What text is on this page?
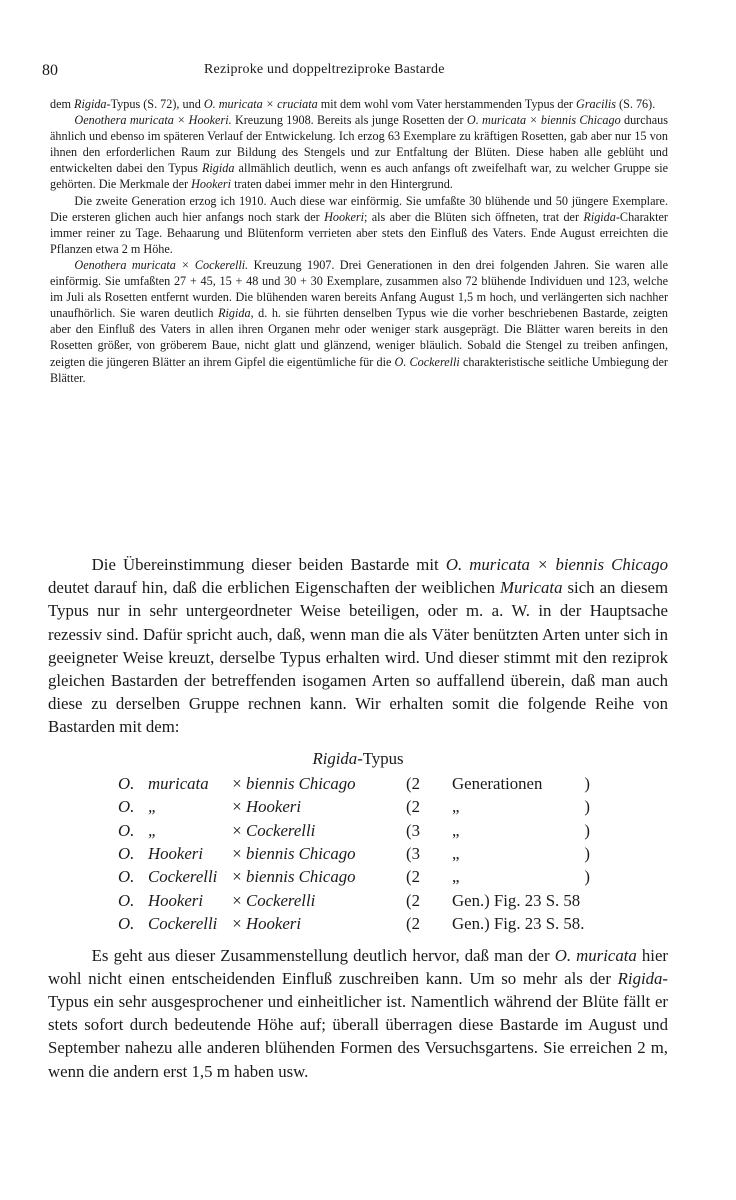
80	Reziproke und doppeltreziproke Bastarde

dem Rigida-Typus (S. 72), und O. muricata × cruciata mit dem wohl vom Vater herstammenden Typus der Gracilis (S. 76).

Oenothera muricata × Hookeri. Kreuzung 1908. Bereits als junge Rosetten der O. muricata × biennis Chicago durchaus ähnlich und ebenso im späteren Verlauf der Entwickelung. Ich erzog 63 Exemplare zu kräftigen Rosetten, gab aber nur 15 von ihnen den erforderlichen Raum zur Bildung des Stengels und zur Entfaltung der Blüten. Diese haben alle geblüht und entwickelten dabei den Typus Rigida allmählich deutlich, wenn es auch anfangs oft zweifelhaft war, zu welcher Gruppe sie gehörten. Die Merkmale der Hookeri traten dabei immer mehr in den Hintergrund.

Die zweite Generation erzog ich 1910. Auch diese war einförmig. Sie umfaßte 30 blühende und 50 jüngere Exemplare. Die ersteren glichen auch hier anfangs noch stark der Hookeri; als aber die Blüten sich öffneten, trat der Rigida-Charakter immer reiner zu Tage. Behaarung und Blütenform verrieten aber stets den Einfluß des Vaters. Ende August erreichten die Pflanzen etwa 2 m Höhe.

Oenothera muricata × Cockerelli. Kreuzung 1907. Drei Generationen in den drei folgenden Jahren. Sie waren alle einförmig. Sie umfaßten 27 + 45, 15 + 48 und 30 + 30 Exemplare, zusammen also 72 blühende Individuen und 123, welche im Juli als Rosetten entfernt wurden. Die blühenden waren bereits Anfang August 1,5 m hoch, und verlängerten sich nachher unaufhörlich. Sie waren deutlich Rigida, d. h. sie führten denselben Typus wie die vorher beschriebenen Bastarde, zeigten aber den Einfluß des Vaters in allen ihren Organen mehr oder weniger stark ausgeprägt. Die Blätter waren bereits in den Rosetten größer, von gröberem Baue, nicht glatt und glänzend, weniger bläulich. Sobald die Stengel zu treiben anfingen, zeigten die jüngeren Blätter an ihrem Gipfel die eigentümliche für die O. Cockerelli charakteristische seitliche Umbiegung der Blätter.

Die Übereinstimmung dieser beiden Bastarde mit O. muricata × biennis Chicago deutet darauf hin, daß die erblichen Eigenschaften der weiblichen Muricata sich an diesem Typus nur in sehr untergeordneter Weise beteiligen, oder m. a. W. in der Hauptsache rezessiv sind. Dafür spricht auch, daß, wenn man die als Väter benützten Arten unter sich in geeigneter Weise kreuzt, derselbe Typus erhalten wird. Und dieser stimmt mit den reziprok gleichen Bastarden der betreffenden isogamen Arten so auffallend überein, daß man auch diese zu derselben Gruppe rechnen kann. Wir erhalten somit die folgende Reihe von Bastarden mit dem:

Rigida-Typus
O.	muricata	×	biennis Chicago	(2	Generationen	)
O.	„	×	Hookeri	(2	„	)
O.	„	×	Cockerelli	(3	„	)
O.	Hookeri	×	biennis Chicago	(3	„	)
O.	Cockerelli	×	biennis Chicago	(2	„	)
O.	Hookeri	×	Cockerelli	(2	Gen.) Fig. 23 S. 58	
O.	Cockerelli	×	Hookeri	(2	Gen.) Fig. 23 S. 58.	

Es geht aus dieser Zusammenstellung deutlich hervor, daß man der O. muricata hier wohl nicht einen entscheidenden Einfluß zuschreiben kann. Um so mehr als der Rigida-Typus ein sehr ausgesprochener und einheitlicher ist. Namentlich während der Blüte fällt er stets sofort durch bedeutende Höhe auf; überall überragen diese Bastarde im August und September nahezu alle anderen blühenden Formen des Versuchsgartens. Sie erreichen 2 m, wenn die andern erst 1,5 m haben usw.
